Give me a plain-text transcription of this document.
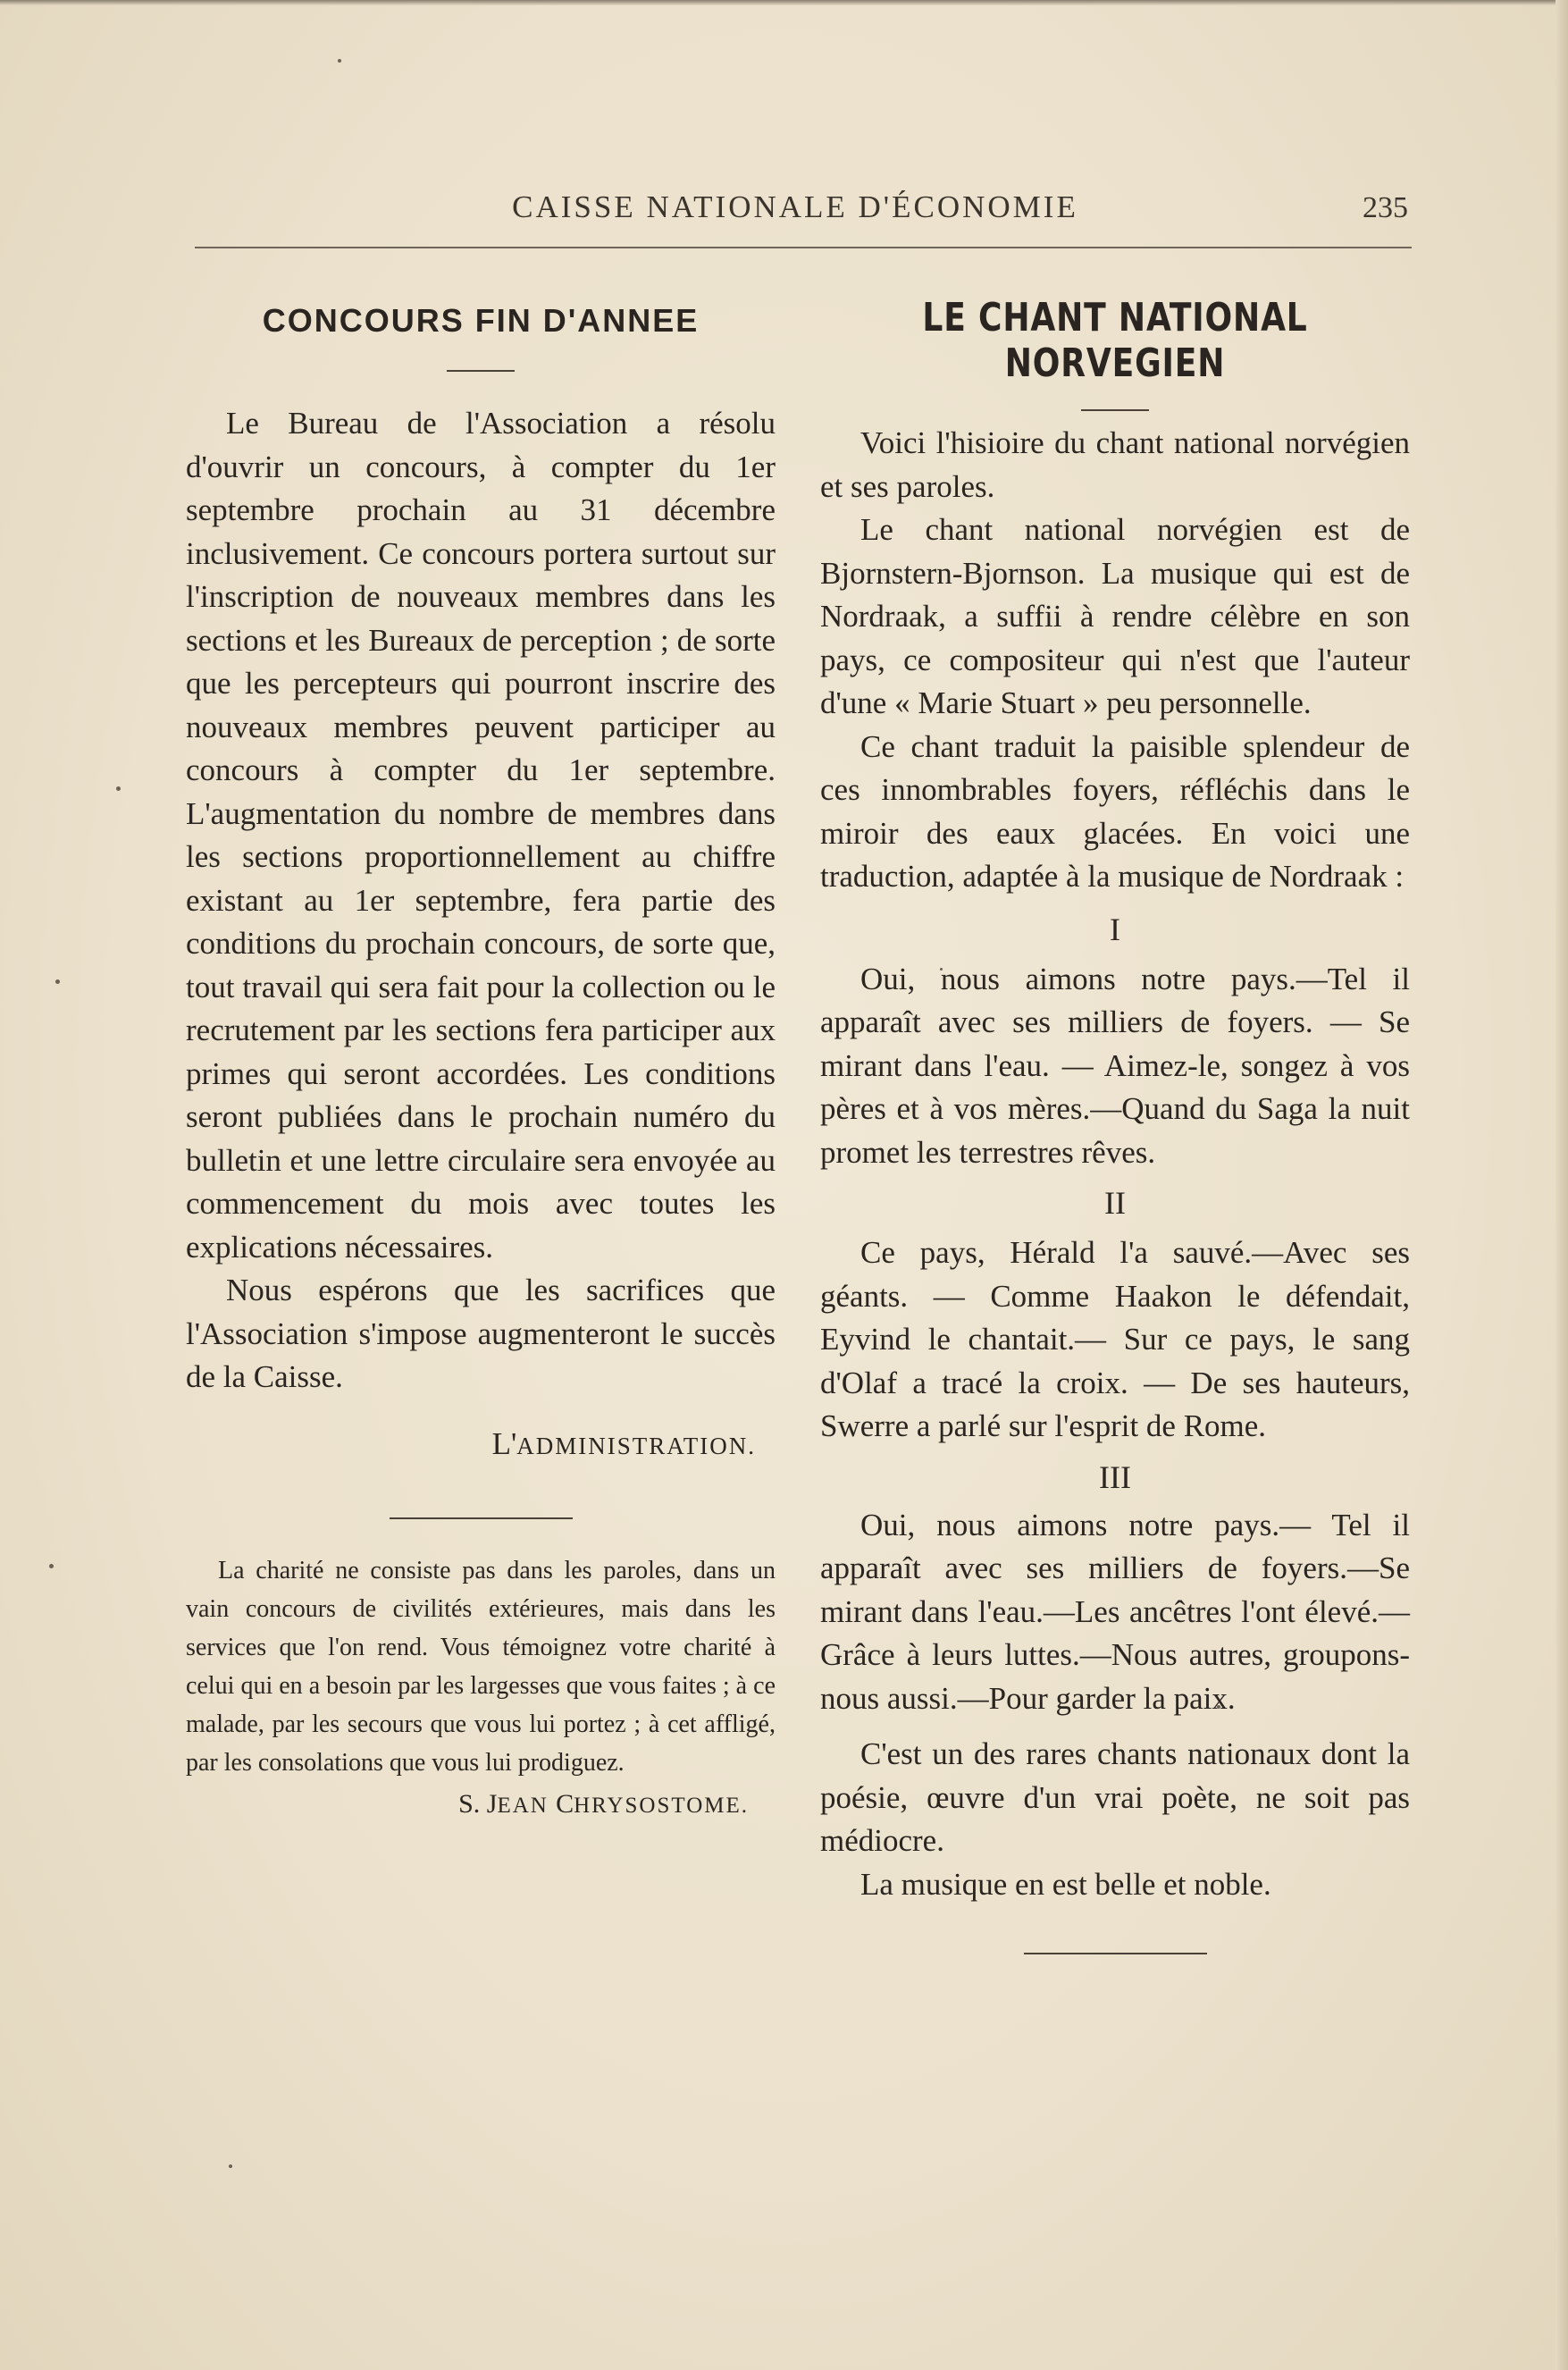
CAISSE NATIONALE D'ÉCONOMIE	235
CONCOURS FIN D'ANNEE

Le Bureau de l'Association a résolu d'ouvrir un concours, à compter du 1er septembre prochain au 31 décembre inclusivement. Ce concours portera surtout sur l'inscription de nouveaux membres dans les sections et les Bureaux de perception ; de sorte que les percepteurs qui pourront inscrire des nouveaux membres peuvent participer au concours à compter du 1er septembre. L'augmentation du nombre de membres dans les sections proportionnellement au chiffre existant au 1er septembre, fera partie des conditions du prochain concours, de sorte que, tout travail qui sera fait pour la collection ou le recrutement par les sections fera participer aux primes qui seront accordées. Les conditions seront publiées dans le prochain numéro du bulletin et une lettre circulaire sera envoyée au commencement du mois avec toutes les explications nécessaires.

Nous espérons que les sacrifices que l'Association s'impose augmenteront le succès de la Caisse.

L'ADMINISTRATION.

La charité ne consiste pas dans les paroles, dans un vain concours de civilités extérieures, mais dans les services que l'on rend. Vous témoignez votre charité à celui qui en a besoin par les largesses que vous faites ; à ce malade, par les secours que vous lui portez ; à cet affligé, par les consolations que vous lui prodiguez.

S. JEAN CHRYSOSTOME.
LE CHANT NATIONAL NORVEGIEN

Voici l'hisioire du chant national norvégien et ses paroles.

Le chant national norvégien est de Bjornstern-Bjornson. La musique qui est de Nordraak, a suffii à rendre célèbre en son pays, ce compositeur qui n'est que l'auteur d'une « Marie Stuart » peu personnelle.

Ce chant traduit la paisible splendeur de ces innombrables foyers, réfléchis dans le miroir des eaux glacées. En voici une traduction, adaptée à la musique de Nordraak :

I

Oui, nous aimons notre pays.—Tel il apparaît avec ses milliers de foyers. — Se mirant dans l'eau. — Aimez-le, songez à vos pères et à vos mères.—Quand du Saga la nuit promet les terrestres rêves.

II

Ce pays, Hérald l'a sauvé.—Avec ses géants. — Comme Haakon le défendait, Eyvind le chantait.— Sur ce pays, le sang d'Olaf a tracé la croix. — De ses hauteurs, Swerre a parlé sur l'esprit de Rome.

III

Oui, nous aimons notre pays.— Tel il apparaît avec ses milliers de foyers.—Se mirant dans l'eau.—Les ancêtres l'ont élevé.— Grâce à leurs luttes.—Nous autres, groupons-nous aussi.—Pour garder la paix.

C'est un des rares chants nationaux dont la poésie, œuvre d'un vrai poète, ne soit pas médiocre.

La musique en est belle et noble.
